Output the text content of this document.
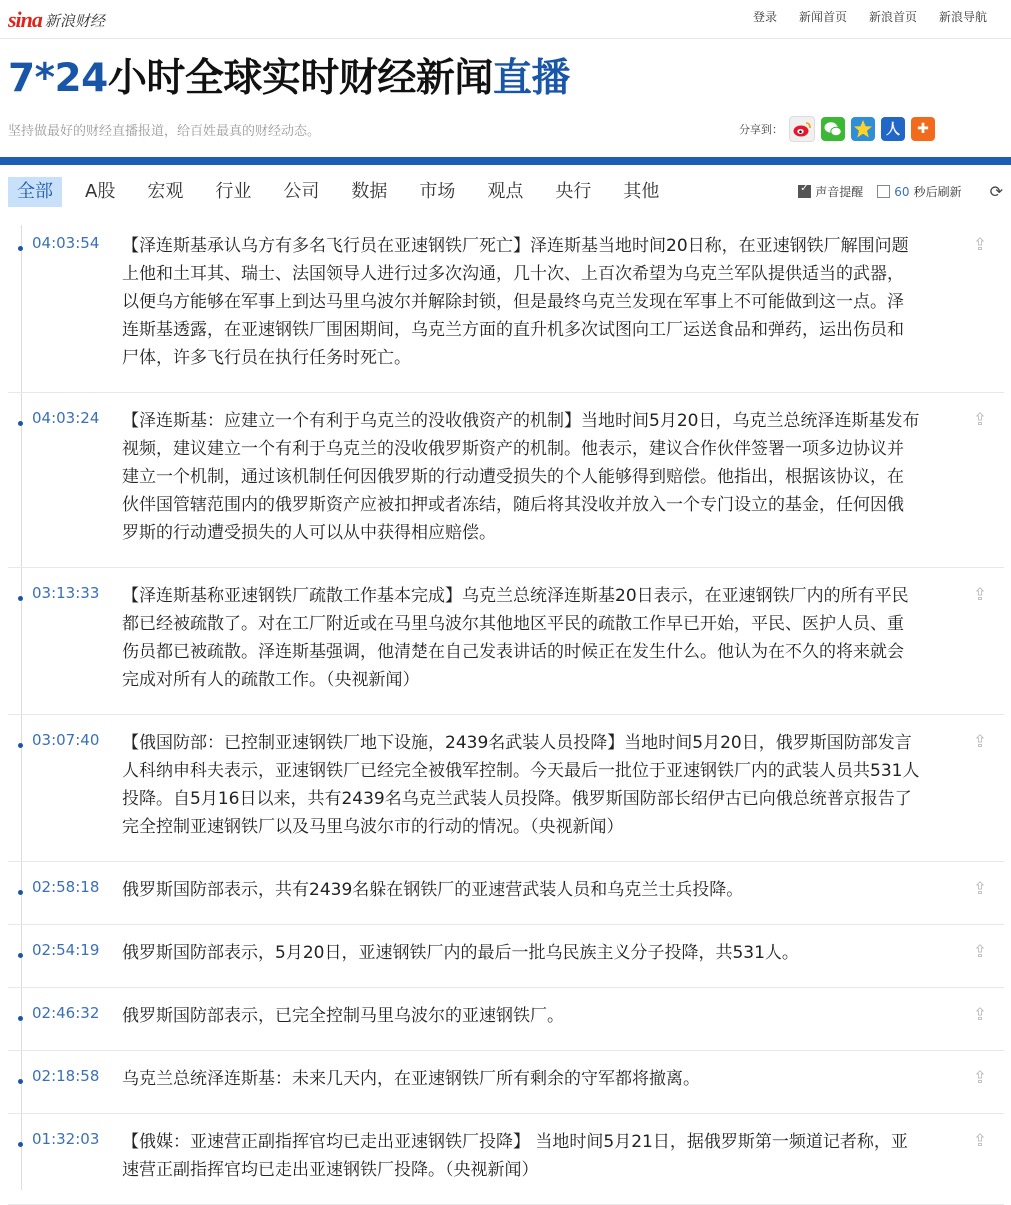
sina 新浪财经	登录 新闻首页 新浪首页 新浪导航
7*24小时全球实时财经新闻直播
坚持做最好的财经直播报道，给百姓最真的财经动态。	分享到：	人	✚
全部	A股	宏观	行业	公司	数据	市场	观点	央行	其他
✓	声音提醒	60 秒后刷新 ⟳
04:03:54 【泽连斯基承认乌方有多名飞行员在亚速钢铁厂死亡】泽连斯基当地时间20日称，在亚速钢铁厂解围问题上他和土耳其、瑞士、法国领导人进行过多次沟通，几十次、上百次希望为乌克兰军队提供适当的武器，以便乌方能够在军事上到达马里乌波尔并解除封锁，但是最终乌克兰发现在军事上不可能做到这一点。泽连斯基透露，在亚速钢铁厂围困期间，乌克兰方面的直升机多次试图向工厂运送食品和弹药，运出伤员和尸体，许多飞行员在执行任务时死亡。
⇪
04:03:24 【泽连斯基：应建立一个有利于乌克兰的没收俄资产的机制】当地时间5月20日，乌克兰总统泽连斯基发布视频，建议建立一个有利于乌克兰的没收俄罗斯资产的机制。他表示，建议合作伙伴签署一项多边协议并建立一个机制，通过该机制任何因俄罗斯的行动遭受损失的个人能够得到赔偿。他指出，根据该协议，在伙伴国管辖范围内的俄罗斯资产应被扣押或者冻结，随后将其没收并放入一个专门设立的基金，任何因俄罗斯的行动遭受损失的人可以从中获得相应赔偿。
⇪
03:13:33 【泽连斯基称亚速钢铁厂疏散工作基本完成】乌克兰总统泽连斯基20日表示，在亚速钢铁厂内的所有平民都已经被疏散了。对在工厂附近或在马里乌波尔其他地区平民的疏散工作早已开始，平民、医护人员、重伤员都已被疏散。泽连斯基强调，他清楚在自己发表讲话的时候正在发生什么。他认为在不久的将来就会完成对所有人的疏散工作。（央视新闻）
⇪
03:07:40 【俄国防部：已控制亚速钢铁厂地下设施，2439名武装人员投降】当地时间5月20日，俄罗斯国防部发言人科纳申科夫表示，亚速钢铁厂已经完全被俄军控制。今天最后一批位于亚速钢铁厂内的武装人员共531人投降。自5月16日以来，共有2439名乌克兰武装人员投降。俄罗斯国防部长绍伊古已向俄总统普京报告了完全控制亚速钢铁厂以及马里乌波尔市的行动的情况。（央视新闻）
⇪
02:58:18 俄罗斯国防部表示，共有2439名躲在钢铁厂的亚速营武装人员和乌克兰士兵投降。	⇪
02:54:19 俄罗斯国防部表示，5月20日，亚速钢铁厂内的最后一批乌民族主义分子投降，共531人。	⇪
02:46:32 俄罗斯国防部表示，已完全控制马里乌波尔的亚速钢铁厂。	⇪
02:18:58 乌克兰总统泽连斯基：未来几天内，在亚速钢铁厂所有剩余的守军都将撤离。	⇪
01:32:03 【俄媒：亚速营正副指挥官均已走出亚速钢铁厂投降】 当地时间5月21日，据俄罗斯第一频道记者称，亚速营正副指挥官均已走出亚速钢铁厂投降。（央视新闻）
⇪
